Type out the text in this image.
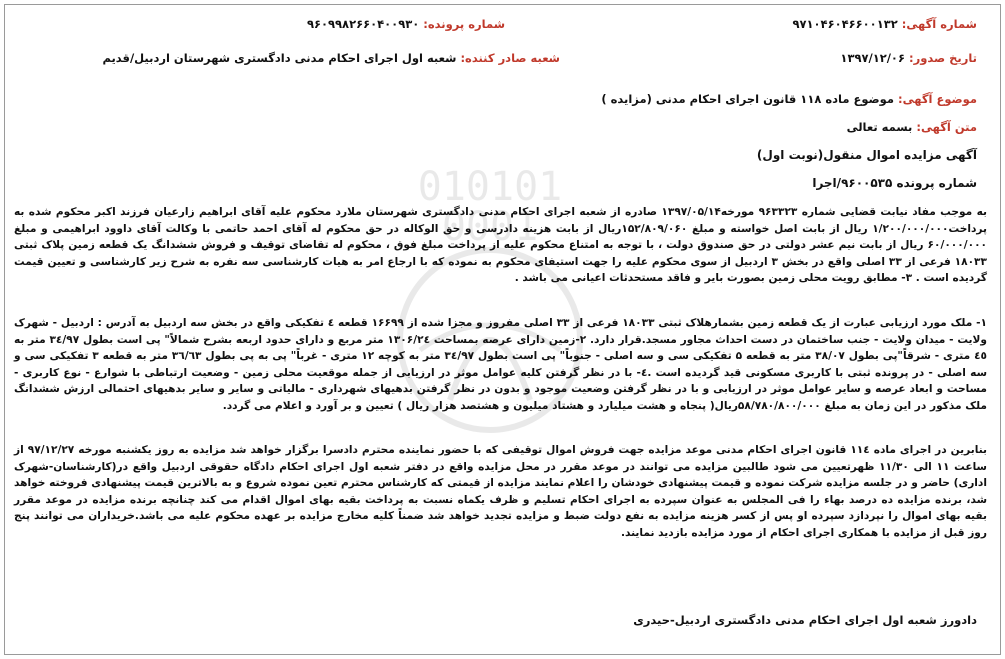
010101
0001
شماره آگهی: ۹۷۱۰۴۶۰۴۶۶۰۰۱۳۲
شماره پرونده: ۹۶۰۹۹۸۲۶۶۰۴۰۰۹۳۰
تاریخ صدور: ۱۳۹۷/۱۲/۰۶
شعبه صادر کننده: شعبه اول اجرای احکام مدنی دادگستری شهرستان اردبیل/قدیم
موضوع آگهی: موضوع ماده ۱۱۸ قانون اجرای احکام مدنی (مزایده )
متن آگهی: بسمه تعالی
آگهی مزایده اموال منقول(نوبت اول)
شماره پرونده ۹۶۰۰۵۳۵/اجرا
به موجب مفاد نیابت قضایی شماره ۹۶۳۳۲۳ مورخه۱۳۹۷/۰۵/۱۴ صادره از شعبه اجرای احکام مدنی دادگستری شهرستان ملارد محکوم علیه آقای ابراهیم زارعیان فرزند اکبر محکوم شده به پرداخت۱/۲۰۰/۰۰۰/۰۰۰ ریال از بابت اصل خواسته و مبلغ ۱۵۲/۸۰۹/۰۶۰ریال از بابت هزینه دادرسی و حق الوکاله در حق محکوم له آقای احمد حاتمی با وکالت آقای داوود ابراهیمی و مبلغ ۶۰/۰۰۰/۰۰۰ ریال از بابت نیم عشر دولتی در حق صندوق دولت ، با توجه به امتناع محکوم علیه از پرداخت مبلغ فوق ، محکوم له تقاضای توقیف و فروش ششدانگ یک قطعه زمین پلاک ثبتی ۱۸۰۳۳ فرعی از ۳۳ اصلی واقع در بخش ۳ اردبیل از سوی محکوم علیه را جهت استیفای محکوم به نموده که با ارجاع امر به هیات کارشناسی سه نفره به شرح زیر کارشناسی و تعیین قیمت گردیده است . ۳- مطابق رویت محلی زمین بصورت بایر و فاقد مستحدثات اعیانی می باشد .
۱- ملک مورد ارزیابی عبارت از یک قطعه زمین بشمارهلاک ثبتی ۱۸۰۳۳ فرعی از ۳۳ اصلی مفروز و مجزا شده از ۱۶۶۹۹ قطعه ٤ تفکیکی واقع در بخش سه اردبیل به آدرس : اردبیل - شهرک ولایت - میدان ولایت - جنب ساختمان در دست احداث مجاور مسجد.قرار دارد. ۲-زمین دارای عرصه بمساحت ۱۳۰۶/۲٤ متر مربع و دارای حدود اربعه بشرح شمالاً" پی است بطول ۳٤/۹۷ متر به ٤٥ متری - شرقاً"پی بطول ۳۸/۰۷ متر به قطعه ۵ تفکیکی سی و سه اصلی - جنوباً" پی است بطول ۳٤/۹۷ متر به کوچه ۱۲ متری - غرباً" پی به پی بطول ۳٦/٦۳ متر به قطعه ۳ تفکیکی سی و سه اصلی - در پرونده ثبتی با کاربری مسکونی قید گردیده است .٤- با در نظر گرفتن کلیه عوامل موثر در ارزیابی از جمله موقعیت محلی زمین - وضعیت ارتباطی با شوارع - نوع کاربری - مساحت و ابعاد عرصه و سایر عوامل موثر در ارزیابی و با در نظر گرفتن وضعیت موجود و بدون در نظر گرفتن بدهیهای شهرداری - مالیاتی و سایر و سایر بدهیهای احتمالی ارزش ششدانگ ملک مذکور در این زمان به مبلغ ۵۸/۷۸۰/۸۰۰/۰۰۰ریال( پنجاه و هشت میلیارد و هشتاد میلیون و هشتصد هزار ریال ) تعیین و بر آورد و اعلام می گردد.
بنابرین در اجرای ماده ۱۱٤ قانون اجرای احکام مدنی موعد مزایده جهت فروش اموال توقیفی که با حضور نماینده محترم دادسرا برگزار خواهد شد مزایده به روز یکشنبه مورخه ۹۷/۱۲/۲۷ از ساعت ۱۱ الی ۱۱/۳۰ ظهرتعیین می شود طالبین مزایده می توانند در موعد مقرر در محل مزایده واقع در دفتر شعبه اول اجرای احکام دادگاه حقوقی اردبیل واقع در(کارشناسان-شهرک اداری) حاضر و در جلسه مزایده شرکت نموده و قیمت پیشنهادی خودشان را اعلام نمایند مزایده از قیمتی که کارشناس محترم تعین نموده شروع و به بالاترین قیمت پیشنهادی فروخته خواهد شد، برنده مزایده ده درصد بهاء را فی المجلس به عنوان سپرده به اجرای احکام تسلیم و ظرف یکماه نسبت به پرداخت بقیه بهای اموال اقدام می کند چنانچه برنده مزایده در موعد مقرر بقیه بهای اموال را نپردازد سپرده او پس از کسر هزینه مزایده به نفع دولت ضبط و مزایده تجدید خواهد شد ضمناً کلیه مخارج مزایده بر عهده محکوم علیه می باشد.خریداران می توانند پنج روز قبل از مزایده با همکاری اجرای احکام از مورد مزایده بازدید نمایند.
دادورز شعبه اول اجرای احکام مدنی دادگستری اردبیل-حیدری
